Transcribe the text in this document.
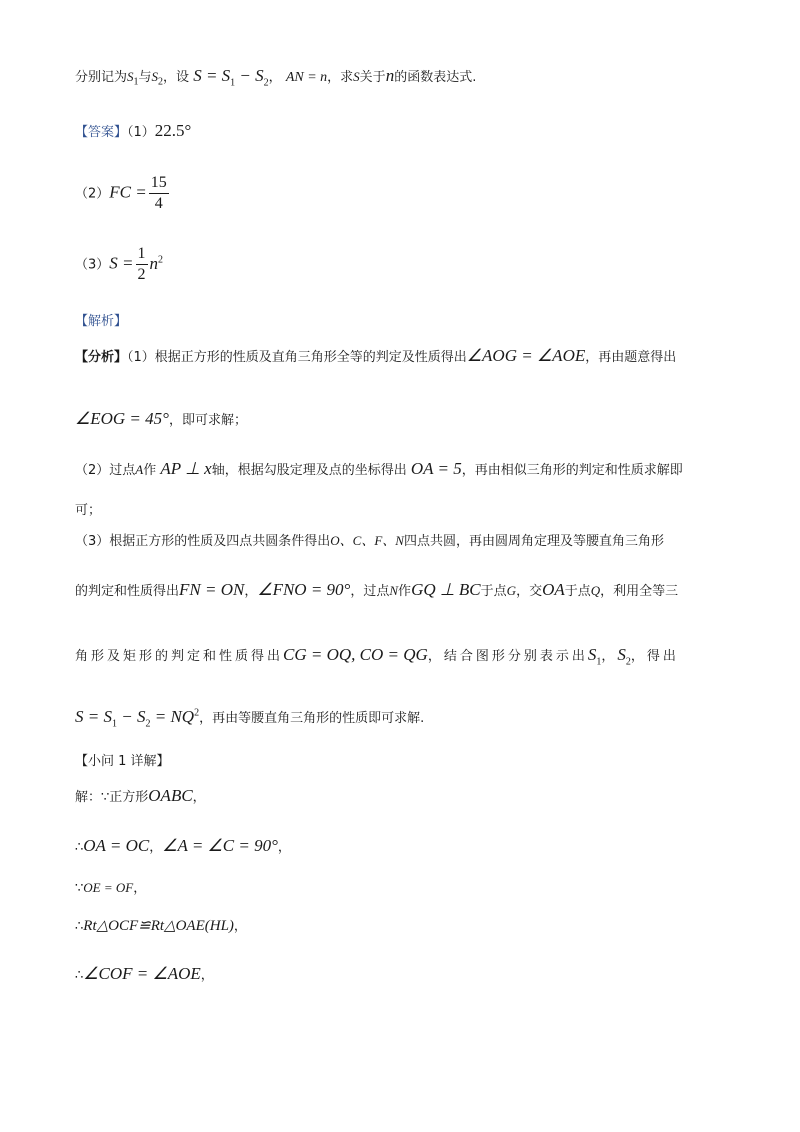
分别记为$S_1$与$S_2$，设 $S = S_1 - S_2$， AN = n，求S关于n的函数表达式.
【答案】（1）22.5°
$(2)FC = \frac{15}{4}$
$(3)S = \frac{1}{2} n^2$
【解析】
【分析】（1）根据正方形的性质及直角三角形全等的判定及性质得出∠AOG = ∠AOE，再由题意得出
∠EOG = 45°，即可求解；
（2）过点A作 AP ⊥ x轴，根据勾股定理及点的坐标得出 OA = 5，再由相似三角形的判定和性质求解即
可；
（3）根据正方形的性质及四点共圆条件得出O、C、F、N四点共圆，再由圆周角定理及等腰直角三角形
的判定和性质得出FN = ON，∠FNO = 90°，过点N作GQ ⊥ BC于点G，交OA于点Q，利用全等三
角形及矩形的判定和性质得出CG = OQ, CO = QG，结合图形分别表示出$S_1$，$S_2$，得出
$S = S_1 - S_2 = NQ^2$，再由等腰直角三角形的性质即可求解.
【小问 1 详解】
解：∵正方形OABC，
∴OA = OC，∠A = ∠C = 90°，
∵OE = OF，
∴Rt△OCF≌Rt△OAE(HL)，
∴∠COF = ∠AOE，
